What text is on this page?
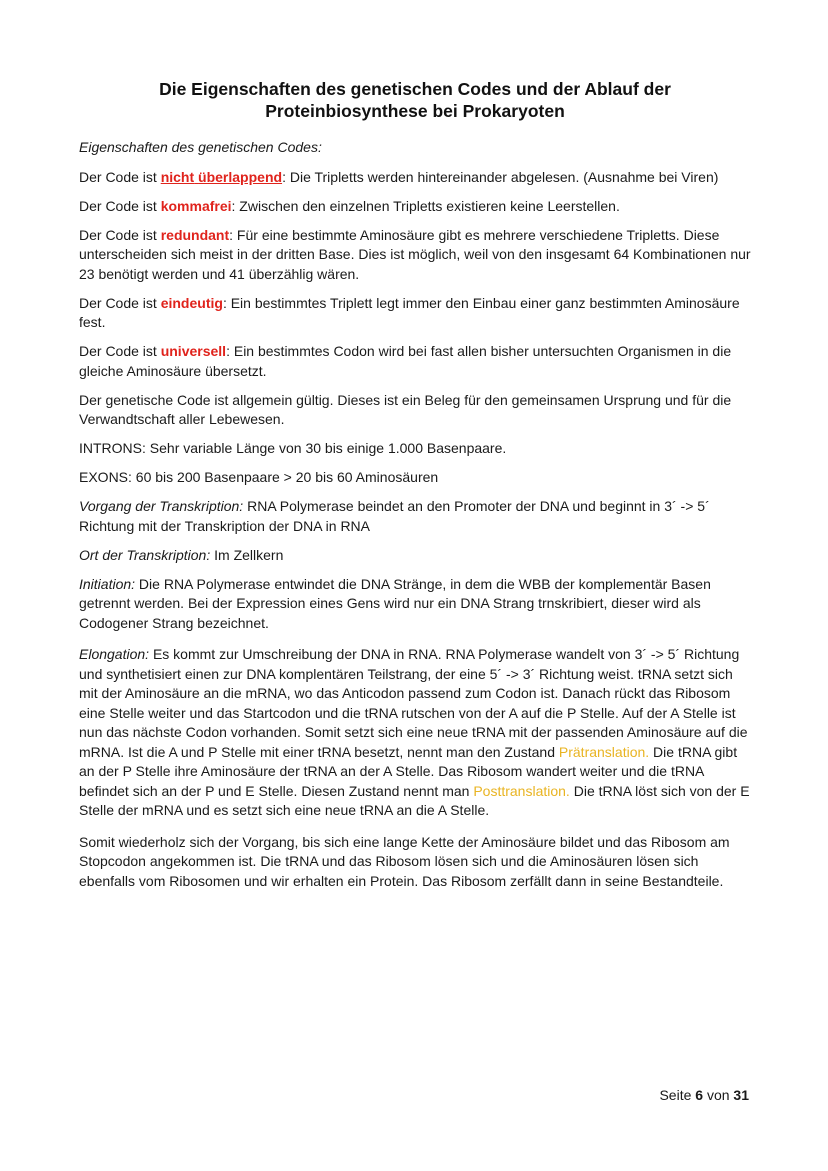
Die Eigenschaften des genetischen Codes und der Ablauf der
Proteinbiosynthese bei Prokaryoten

Eigenschaften des genetischen Codes:

Der Code ist nicht überlappend: Die Tripletts werden hintereinander abgelesen. (Ausnahme bei Viren)

Der Code ist kommafrei: Zwischen den einzelnen Tripletts existieren keine Leerstellen.

Der Code ist redundant: Für eine bestimmte Aminosäure gibt es mehrere verschiedene Tripletts. Diese unterscheiden sich meist in der dritten Base. Dies ist möglich, weil von den insgesamt 64 Kombinationen nur 23 benötigt werden und 41 überzählig wären.

Der Code ist eindeutig: Ein bestimmtes Triplett legt immer den Einbau einer ganz bestimmten Aminosäure fest.

Der Code ist universell: Ein bestimmtes Codon wird bei fast allen bisher untersuchten Organismen in die gleiche Aminosäure übersetzt.

Der genetische Code ist allgemein gültig. Dieses ist ein Beleg für den gemeinsamen Ursprung und für die Verwandtschaft aller Lebewesen.

INTRONS: Sehr variable Länge von 30 bis einige 1.000 Basenpaare.

EXONS: 60 bis 200 Basenpaare > 20 bis 60 Aminosäuren

Vorgang der Transkription: RNA Polymerase beindet an den Promoter der DNA und beginnt in 3´ -> 5´ Richtung mit der Transkription der DNA in RNA

Ort der Transkription: Im Zellkern

Initiation: Die RNA Polymerase entwindet die DNA Stränge, in dem die WBB der komplementär Basen getrennt werden. Bei der Expression eines Gens wird nur ein DNA Strang trnskribiert, dieser wird als Codogener Strang bezeichnet.

Elongation: Es kommt zur Umschreibung der DNA in RNA. RNA Polymerase wandelt von 3´ -> 5´ Richtung und synthetisiert einen zur DNA komplentären Teilstrang, der eine 5´ -> 3´ Richtung weist. tRNA setzt sich mit der Aminosäure an die mRNA, wo das Anticodon passend zum Codon ist. Danach rückt das Ribosom eine Stelle weiter und das Startcodon und die tRNA rutschen von der A auf die P Stelle. Auf der A Stelle ist nun das nächste Codon vorhanden. Somit setzt sich eine neue tRNA mit der passenden Aminosäure auf die mRNA. Ist die A und P Stelle mit einer tRNA besetzt, nennt man den Zustand Prätranslation. Die tRNA gibt an der P Stelle ihre Aminosäure der tRNA an der A Stelle. Das Ribosom wandert weiter und die tRNA befindet sich an der P und E Stelle. Diesen Zustand nennt man Posttranslation. Die tRNA löst sich von der E Stelle der mRNA und es setzt sich eine neue tRNA an die A Stelle.

Somit wiederholz sich der Vorgang, bis sich eine lange Kette der Aminosäure bildet und das Ribosom am Stopcodon angekommen ist. Die tRNA und das Ribosom lösen sich und die Aminosäuren lösen sich ebenfalls vom Ribosomen und wir erhalten ein Protein. Das Ribosom zerfällt dann in seine Bestandteile.

Seite 6 von 31
